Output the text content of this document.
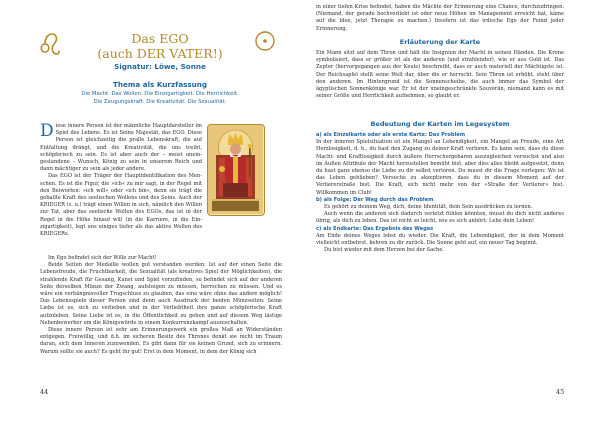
Das EGO
(auch DER VATER!)
Signatur: Löwe, Sonne
Thema als Kurzfassung
Die Macht. Das Wollen. Die Einzigartigkeit. Die Herrlichkeit.
Die Zeugungskraft. Die Kreativität. Die Sexualität.

Diese innere Person ist der männliche Hauptdarsteller im Spiel des Lebens. Es ist Seine Majestät, das EGO. Diese Person ist gleichzeitig die pralle Lebenskraft, die auf Entfaltung drängt, und die Kreativität, die uns treibt, schöpferisch zu sein. Es ist aber auch der – meist uneingestandene – Wunsch, König zu sein in unserem Reich und dann mächtiger zu sein als jeder andere.

Das EGO ist der Träger der Hauptidentifikation des Menschen. Es ist die Figur, die »ich« zu mir sagt, in der Regel mit den Beiworten: »ich will« oder »ich bin«, denn sie trägt die geballte Kraft des seelischen Wollens und des Seins. Auch der KRIEGER (s. u.) trägt einen Willen in sich, nämlich den Willen zur Tat, aber das seelische Wollen des EGOs, das ist in der Regel in die Höhe hinauf will (in die Karriere, in die Einzigartigkeit), legt uns einiges tiefer als das aktive Wollen des KRIEGERs.

Im Ego befindet sich der Wille zur Macht!

Beide Seiten der Medaille wollen gut verstanden werden: Ist auf der einen Seite die Lebensfreude, die Fruchtbarkeit, die Sexualität (als kreatives Spiel der Möglichkeiten), die strahlende Kraft für Gesang, Kunst und Spiel vorzufinden, so befindet sich auf der anderen Seite derselben Münze der Zwang, aufsteigen zu müssen, herrschen zu müssen. Und es wäre ein verhängnisvoller Trugschluss zu glauben, das eine wäre ohne das andere möglich! Das Lebensspiele dieser Person sind denn auch Ausdruck der beiden Münzseiten: Seine Liebe ist es, sich zu verlieben und in der Verliebtheit ihre ganze schöpferische Kraft aufzuleben. Seine Liebe ist es, in die Öffentlichkeit zu gehen und auf diesem Weg lästige Nebenbewerber um die Königswürde in einem Konkurrenzkampf auszuschalten.

Diese innere Person ist sehr am Erinnerungswerk ein großes Maß an Widerständen entgegen. Freiwillig, und d.h. im sicheren Besitz des Thrones denkt sie nicht im Traum daran, sich dem Inneren zuzuwenden. Es gibt dann für sie keinen Grund, sich zu erinnern. Warum sollte sie auch? Es geht ihr gut! Erst in dem Moment, in dem der König sich

44

in einer tiefen Krise befindet, haben die Mächte der Erinnerung eine Chance, durchzudringen. (Niemand, der gerade hochverliebt ist oder neue Höhen im Management erreicht hat, käme auf die Idee, jetzt Therapie zu machen.) Insofern ist das irdische Ego der Feind jeder Erinnerung.

Erläuterung der Karte

Ein Mann sitzt auf dem Thron und hält die Insignien der Macht in seinen Händen. Die Krone symbolisiert, dass er größer ist als die anderen (und strahlender), wie er aus Gold ist. Das Zepter (hervorgegangen aus der Keule) beschreibt, dass er auch materiell der Mächtigste ist. Der Reichsapfel stellt seine Welt dar, über die er herrscht. Sein Thron ist erhöht, steht über den anderen. Im Hintergrund ist die Sonnenscheibe, die auch immer das Symbol der ägyptischen Sonnenkönige war. Er ist der uneingeschränkte Souverän, niemand kann es mit seiner Größe und Herrlichkeit aufnehmen, so glaubt er.

Bedeutung der Karten im Legesystem
a) als Einzelkarte oder als erste Karte: Das Problem

In der inneren Spielsituation ist ein Mangel an Lebendigkeit, ein Mangel an Freude, eine Art Herzlosigkeit, d. h., du hast den Zugang zu deiner Kraft verloren. Es kann sein, dass du diese Macht- und Kraftlosigkeit durch äußere Herrschergebaren auszugleichen versuchst und also im Außen Attribute der Macht herzustellen bemüht bist, aber dies alles bleibt aufgesetzt, denn du hast ganz ebenso die Liebe zu dir selbst verloren. Du musst dir die Frage vorlegen: Wo ist das Leben geblieben? Versuche zu akzeptieren, dass du in diesem Moment auf der Verliererstraße bist. Die Kraft, sich nicht mehr von der »Straße der Verlierer« bist. Willkommen im Club!

b) als Folge: Der Weg durch das Problem

Es gehört zu deinem Weg, dich, deine Identität, dein Sein ausdrücken zu lernen.

Auch wenn die anderen sich dadurch verletzt fühlen könnten, musst du dich nicht anderes übrig, als dich zu leben. Das ist nicht so leicht, wie es sich anhört: Lebe dein Leben!

c) als Endkarte: Das Ergebnis des Weges

Am Ende deines Weges lebst du wieder. Die Kraft, die Lebendigkeit, der in dem Moment vielleicht entbehrst, kehren zu dir zurück. Die Sonne geht auf, ein neuer Tag beginnt.

Du bist wieder mit dem Herzen bei der Sache.

45
